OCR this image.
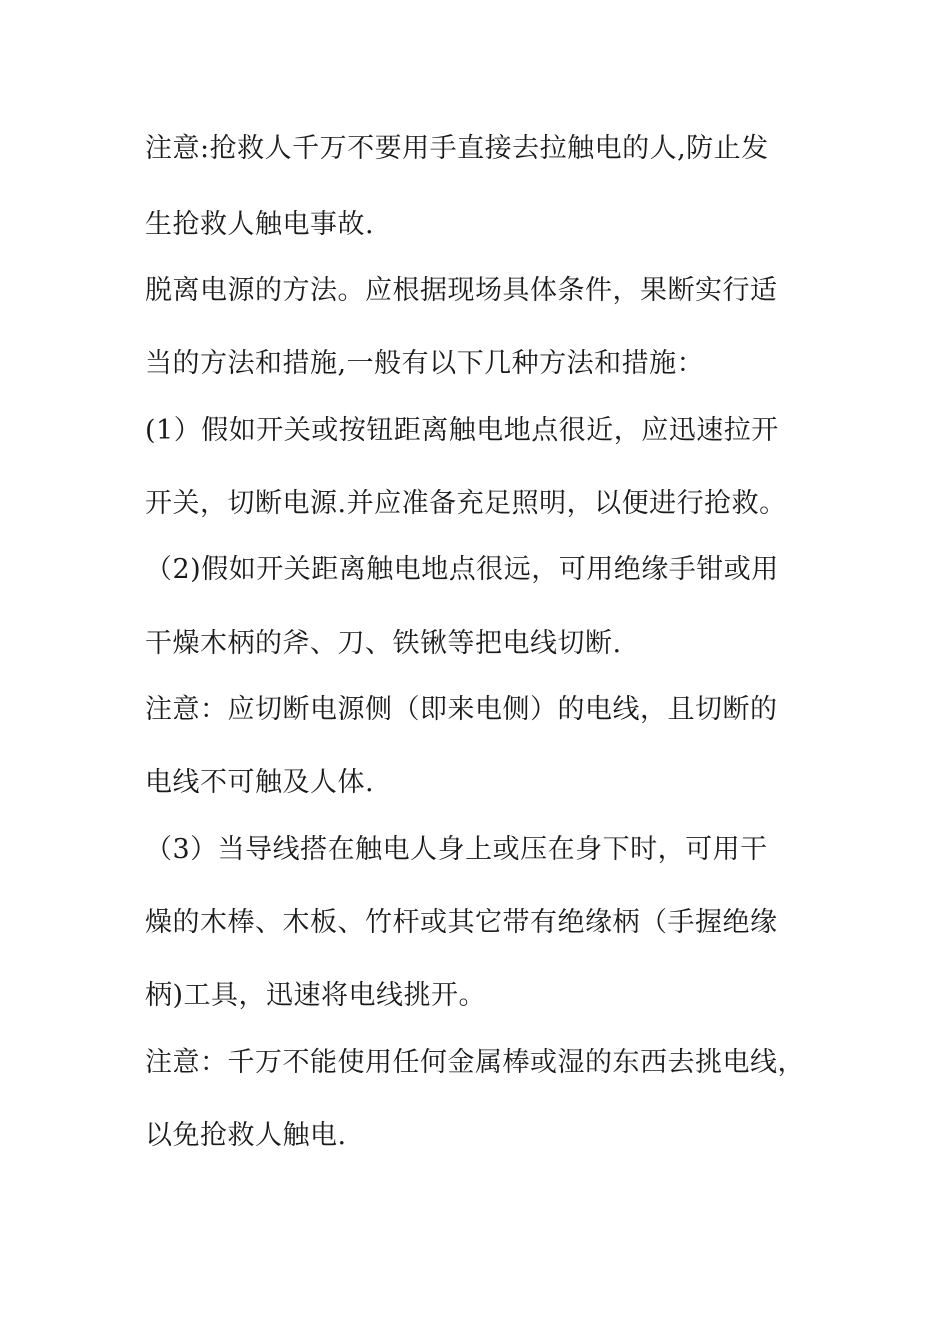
注意:抢救人千万不要用手直接去拉触电的人,防止发
生抢救人触电事故.
脱离电源的方法。应根据现场具体条件，果断实行适
当的方法和措施,一般有以下几种方法和措施：
(1）假如开关或按钮距离触电地点很近，应迅速拉开
开关，切断电源.并应准备充足照明，以便进行抢救。
（2)假如开关距离触电地点很远，可用绝缘手钳或用
干燥木柄的斧、刀、铁锹等把电线切断.
注意：应切断电源侧（即来电侧）的电线，且切断的
电线不可触及人体.
（3）当导线搭在触电人身上或压在身下时，可用干
燥的木棒、木板、竹杆或其它带有绝缘柄（手握绝缘
柄)工具，迅速将电线挑开。
注意：千万不能使用任何金属棒或湿的东西去挑电线，
以免抢救人触电.
